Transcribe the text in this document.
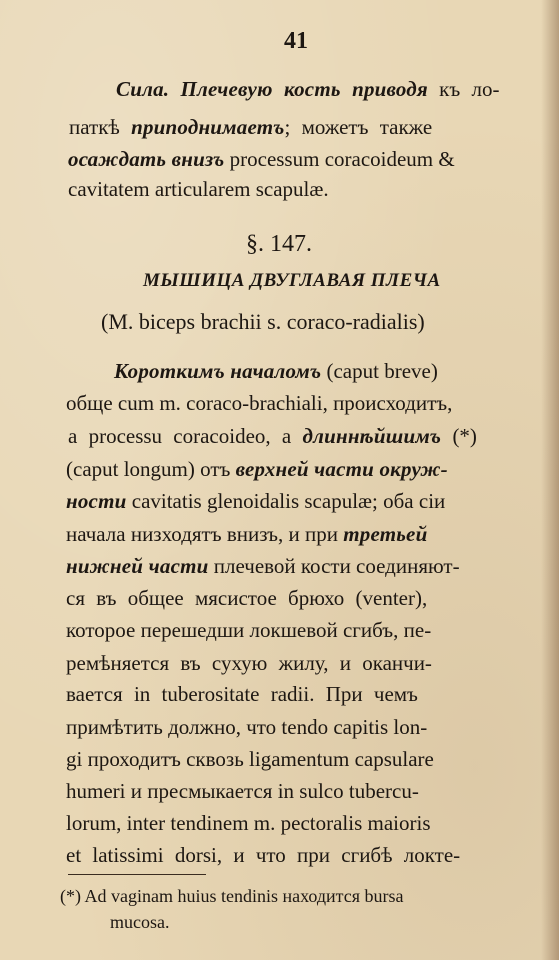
41
Сила. Плечевую кость приводя къ ло-
паткѣ приподнимаетъ; можетъ также
осаждать внизъ processum coracoideum &
cavitatem articularem scapulæ.
§. 147.
МЫШИЦА ДВУГЛАВАЯ ПЛЕЧА
(M. biceps brachii s. coraco-radialis)
Короткимъ началомъ (caput breve)
обще cum m. coraco-brachiali, происходитъ,
a processu coracoideo, a длиннѣйшимъ (*)
(caput longum) отъ верхней части окруж-
ности cavitatis glenoidalis scapulæ; оба сіи
начала низходятъ внизъ, и при третьей
нижней части плечевой кости соединяют-
ся въ общее мясистое брюхо (venter),
которое перешедши локшевой сгибъ, пе-
ремѣняется въ сухую жилу, и оканчи-
вается in tuberositate radii. При чемъ
примѣтить должно, что tendo capitis lon-
gi проходитъ сквозь ligamentum capsulare
humeri и пресмыкается in sulco tubercu-
lorum, inter tendinem m. pectoralis maioris
et latissimi dorsi, и что при сгибѣ локте-
(*) Ad vaginam huius tendinis находится bursa
mucosa.
